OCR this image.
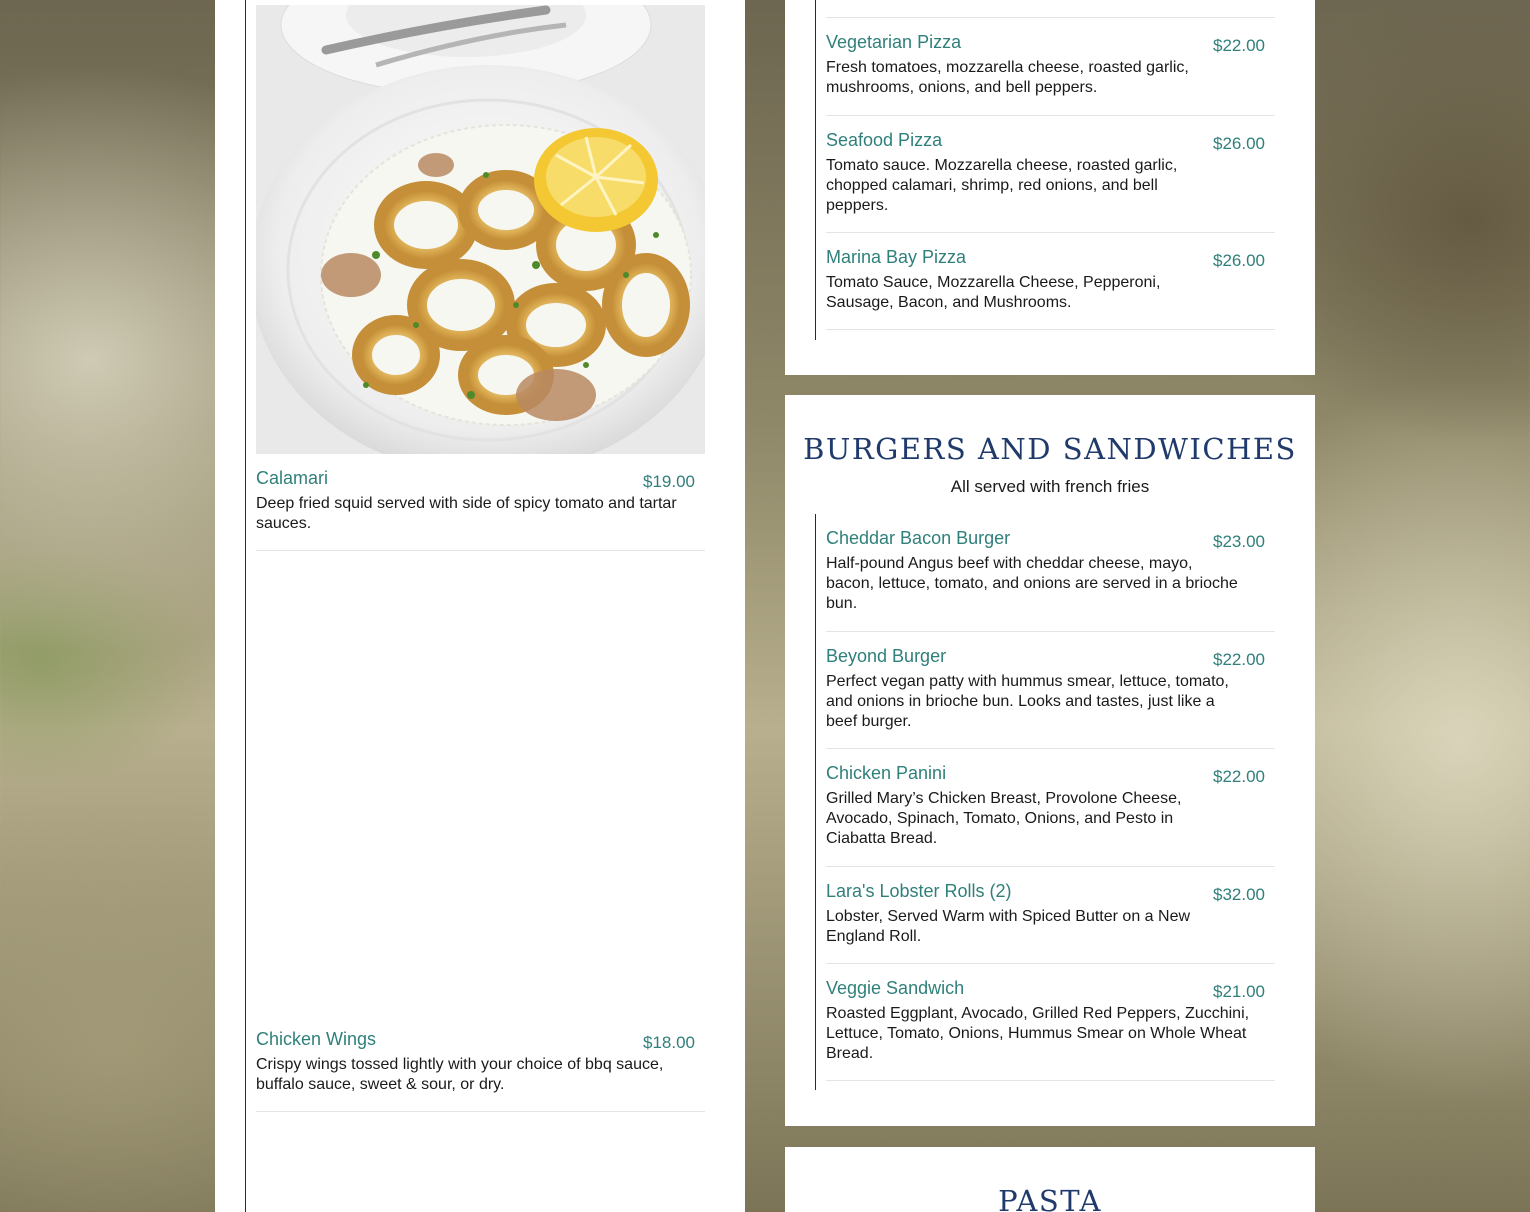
Calamari	$19.00
Deep fried squid served with side of spicy tomato and tartar sauces.
Chicken Wings	$18.00
Crispy wings tossed lightly with your choice of bbq sauce, buffalo sauce, sweet & sour, or dry.
Vegetarian Pizza	$22.00
Fresh tomatoes, mozzarella cheese, roasted garlic, mushrooms, onions, and bell peppers.
Seafood Pizza	$26.00
Tomato sauce. Mozzarella cheese, roasted garlic, chopped calamari, shrimp, red onions, and bell peppers.
Marina Bay Pizza	$26.00
Tomato Sauce, Mozzarella Cheese, Pepperoni, Sausage, Bacon, and Mushrooms.
BURGERS AND SANDWICHES
All served with french fries
Cheddar Bacon Burger	$23.00
Half-pound Angus beef with cheddar cheese, mayo, bacon, lettuce, tomato, and onions are served in a brioche bun.
Beyond Burger	$22.00
Perfect vegan patty with hummus smear, lettuce, tomato, and onions in brioche bun. Looks and tastes, just like a beef burger.
Chicken Panini	$22.00
Grilled Mary’s Chicken Breast, Provolone Cheese, Avocado, Spinach, Tomato, Onions, and Pesto in Ciabatta Bread.
Lara's Lobster Rolls (2)	$32.00
Lobster, Served Warm with Spiced Butter on a New England Roll.
Veggie Sandwich	$21.00
Roasted Eggplant, Avocado, Grilled Red Peppers, Zucchini, Lettuce, Tomato, Onions, Hummus Smear on Whole Wheat Bread.
PASTA
